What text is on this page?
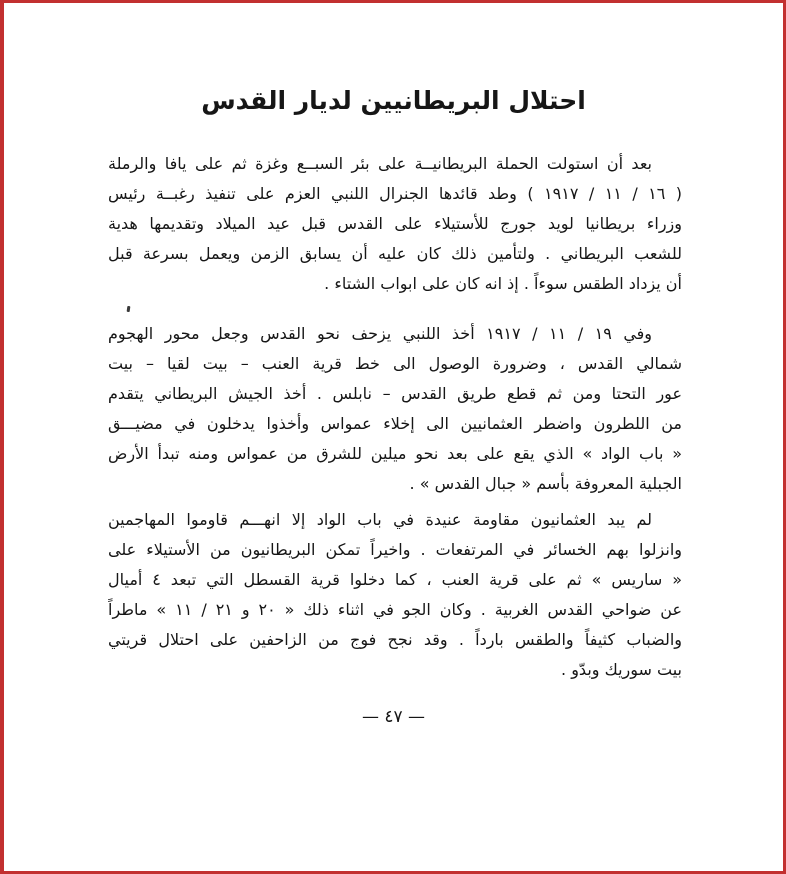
احتلال البريطانيين لديار القدس
بعد أن استولت الحملة البريطانيــة على بئر السبــع وغزة ثم على يافا والرملة
( ١٦ / ١١ / ١٩١٧ ) وطد قائدها الجنرال اللنبي العزم على تنفيذ رغبــة رئيس
وزراء بريطانيا لويد جورج للأستيلاء على القدس قبل عيد الميلاد وتقديمها هدية
للشعب البريطاني . ولتأمين ذلك كان عليه أن يسابق الزمن ويعمل بسرعة قبل
أن يزداد الطقس سوءاً . إذ انه كان على ابواب الشتاء .
وفي ١٩ / ١١ / ١٩١٧ أخذ اللنبي يزحف نحو القدس وجعل محور الهجوم
شمالي القدس ، وضرورة الوصول الى خط قرية العنب – بيت لقيا – بيت
عور التحتا ومن ثم قطع طريق القدس – نابلس . أخذ الجيش البريطاني يتقدم
من اللطرون واضطر العثمانيين الى إخلاء عمواس وأخذوا يدخلون في مضيـــق
« باب الواد » الذي يقع على بعد نحو ميلين للشرق من عمواس ومنه تبدأ الأرض
الجبلية المعروفة بأسم « جبال القدس » .
لم يبد العثمانيون مقاومة عنيدة في باب الواد إلا انهـــم قاوموا المهاجمين
وانزلوا بهم الخسائر في المرتفعات . واخيراً تمكن البريطانيون من الأستيلاء على
« ساريس » ثم على قرية العنب ، كما دخلوا قرية القسطل التي تبعد ٤ أميال
عن ضواحي القدس الغربية . وكان الجو في اثناء ذلك « ٢٠ و ٢١ / ١١ » ماطراً
والضباب كثيفاً والطقس بارداً . وقد نجح فوج من الزاحفين على احتلال قريتي
بيت سوريك وبدّو .
— ٤٧ —
